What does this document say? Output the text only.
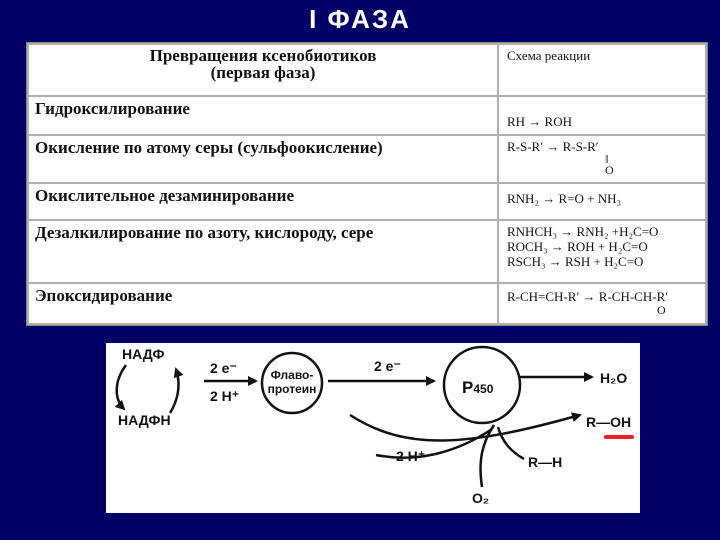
I ФАЗА
Превращения ксенобиотиков
(первая фаза)	Схема реакции
Гидроксилирование	RH → ROH

Окисление по атому серы (сульфоокисление)	R-S-R′ → R-S-R′
‖
O

Окислительноe дезаминирование	RNH₂ → R=O + NH₃

Дезалкилирование по азоту, кислороду, сере	RNHCH₃ → RNH₂ +H₂C=O
ROCH₃ → ROH + H₂C=O
RSCH₃ → RSH + H₂C=O

Эпоксидирование	R-CH=CH-R′ → R-CH-CH-R′
O
НАДФ
НАДФН
2 e⁻
2 H⁺
Флаво-
протеин
2 e⁻
P450
H₂O
R—OH
2 H⁺	R—H
O₂
